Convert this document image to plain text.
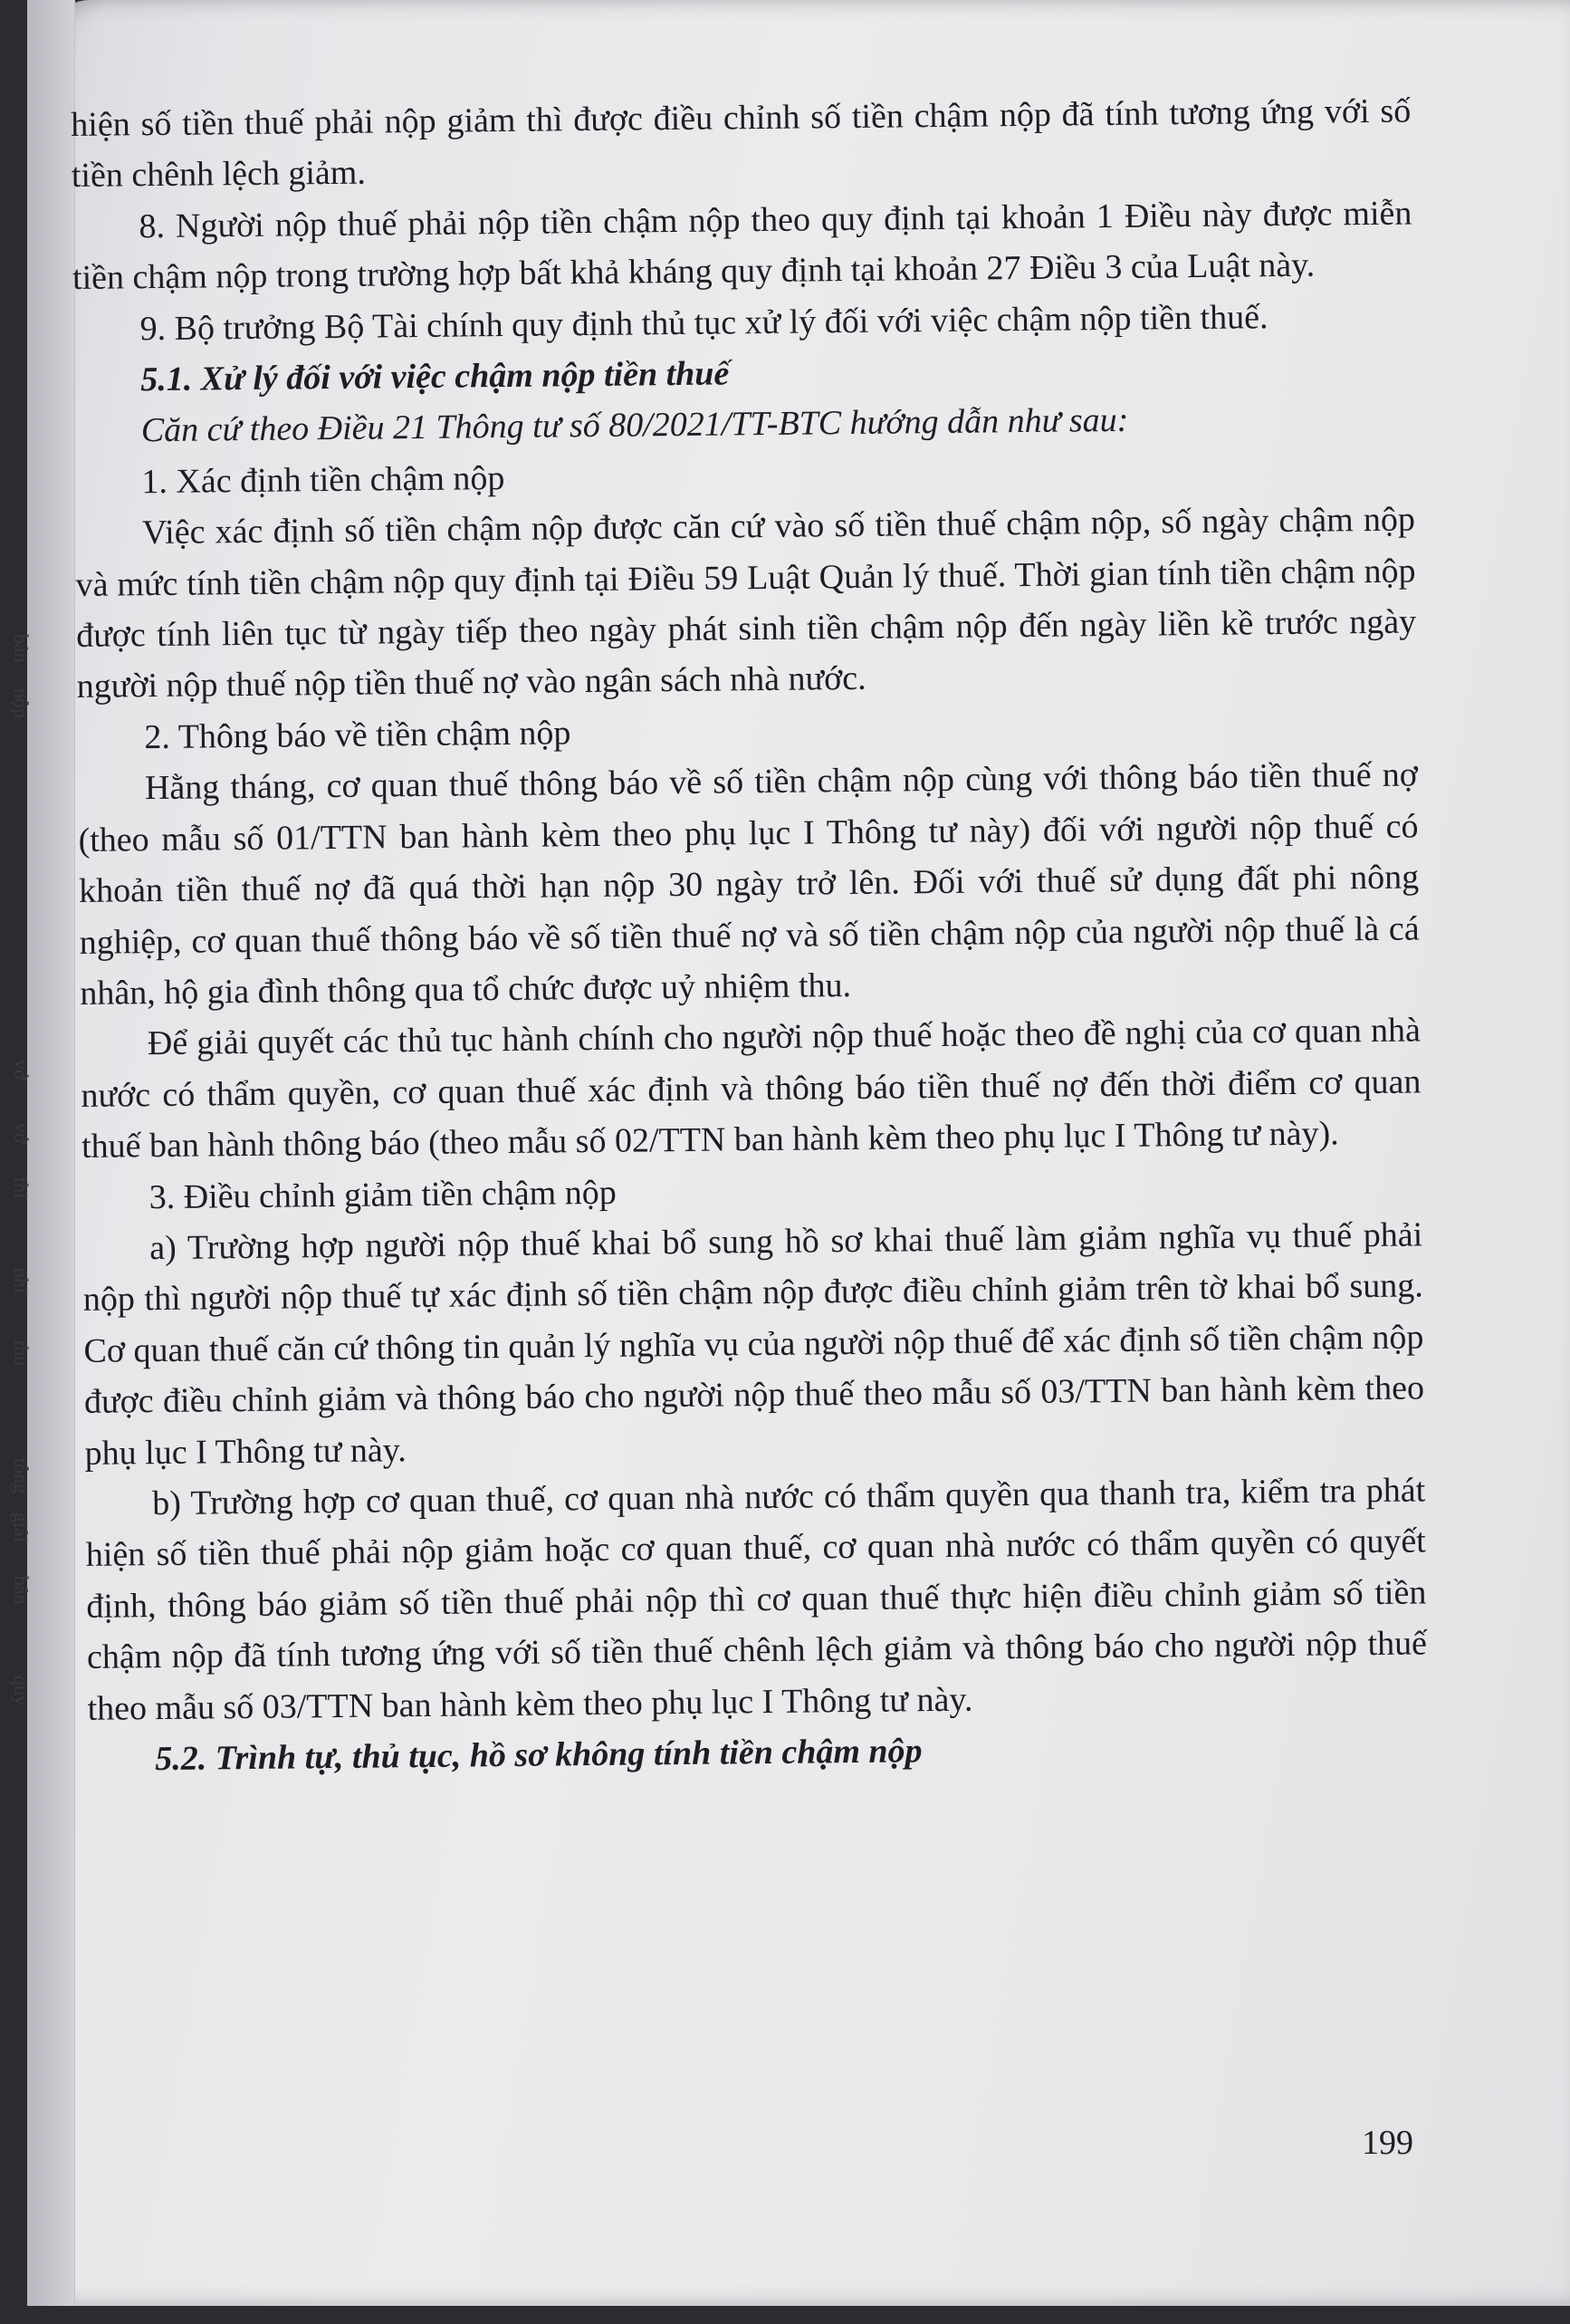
bản
nộp
vớ
vớ
thi
nhi
thu
tông
giải
bản
quy

hiện số tiền thuế phải nộp giảm thì được điều chỉnh số tiền chậm nộp đã tính tương ứng với số tiền chênh lệch giảm.

8. Người nộp thuế phải nộp tiền chậm nộp theo quy định tại khoản 1 Điều này được miễn tiền chậm nộp trong trường hợp bất khả kháng quy định tại khoản 27 Điều 3 của Luật này.

9. Bộ trưởng Bộ Tài chính quy định thủ tục xử lý đối với việc chậm nộp tiền thuế.

5.1. Xử lý đối với việc chậm nộp tiền thuế

Căn cứ theo Điều 21 Thông tư số 80/2021/TT-BTC hướng dẫn như sau:

1. Xác định tiền chậm nộp

Việc xác định số tiền chậm nộp được căn cứ vào số tiền thuế chậm nộp, số ngày chậm nộp và mức tính tiền chậm nộp quy định tại Điều 59 Luật Quản lý thuế. Thời gian tính tiền chậm nộp được tính liên tục từ ngày tiếp theo ngày phát sinh tiền chậm nộp đến ngày liền kề trước ngày người nộp thuế nộp tiền thuế nợ vào ngân sách nhà nước.

2. Thông báo về tiền chậm nộp

Hằng tháng, cơ quan thuế thông báo về số tiền chậm nộp cùng với thông báo tiền thuế nợ (theo mẫu số 01/TTN ban hành kèm theo phụ lục I Thông tư này) đối với người nộp thuế có khoản tiền thuế nợ đã quá thời hạn nộp 30 ngày trở lên. Đối với thuế sử dụng đất phi nông nghiệp, cơ quan thuế thông báo về số tiền thuế nợ và số tiền chậm nộp của người nộp thuế là cá nhân, hộ gia đình thông qua tổ chức được uỷ nhiệm thu.

Để giải quyết các thủ tục hành chính cho người nộp thuế hoặc theo đề nghị của cơ quan nhà nước có thẩm quyền, cơ quan thuế xác định và thông báo tiền thuế nợ đến thời điểm cơ quan thuế ban hành thông báo (theo mẫu số 02/TTN ban hành kèm theo phụ lục I Thông tư này).

3. Điều chỉnh giảm tiền chậm nộp

a) Trường hợp người nộp thuế khai bổ sung hồ sơ khai thuế làm giảm nghĩa vụ thuế phải nộp thì người nộp thuế tự xác định số tiền chậm nộp được điều chỉnh giảm trên tờ khai bổ sung. Cơ quan thuế căn cứ thông tin quản lý nghĩa vụ của người nộp thuế để xác định số tiền chậm nộp được điều chỉnh giảm và thông báo cho người nộp thuế theo mẫu số 03/TTN ban hành kèm theo phụ lục I Thông tư này.

b) Trường hợp cơ quan thuế, cơ quan nhà nước có thẩm quyền qua thanh tra, kiểm tra phát hiện số tiền thuế phải nộp giảm hoặc cơ quan thuế, cơ quan nhà nước có thẩm quyền có quyết định, thông báo giảm số tiền thuế phải nộp thì cơ quan thuế thực hiện điều chỉnh giảm số tiền chậm nộp đã tính tương ứng với số tiền thuế chênh lệch giảm và thông báo cho người nộp thuế theo mẫu số 03/TTN ban hành kèm theo phụ lục I Thông tư này.

5.2. Trình tự, thủ tục, hồ sơ không tính tiền chậm nộp

199
